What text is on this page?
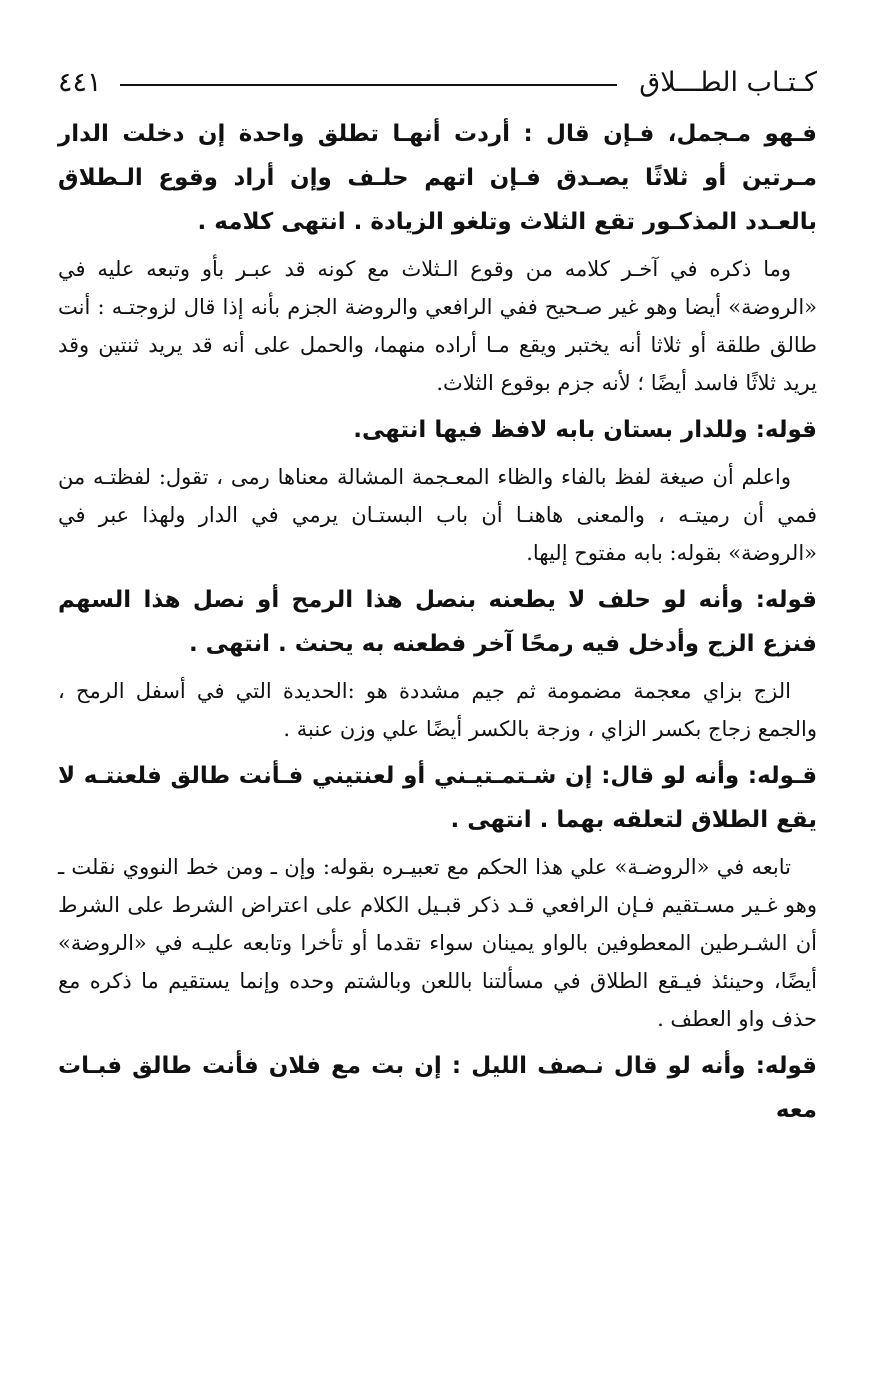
كـتـاب الطـــلاق
٤٤١

فـهو مـجمل، فـإن قال : أردت أنهـا تطلق واحدة إن دخلت الدار مـرتين أو ثلاثًا يصـدق فـإن اتهم حلـف وإن أراد وقوع الـطلاق بالعـدد المذكـور تقع الثلاث وتلغو الزيادة . انتهى كلامه .

وما ذكره في آخـر كلامه من وقوع الـثلاث مع كونه قد عبـر بأو وتبعه عليه في «الروضة» أيضا وهو غير صـحيح ففي الرافعي والروضة الجزم بأنه إذا قال لزوجتـه : أنت طالق طلقة أو ثلاثا أنه يختبر ويقع مـا أراده منهما، والحمل على أنه قد يريد ثنتين وقد يريد ثلاثًا فاسد أيضًا ؛ لأنه جزم بوقوع الثلاث.

قوله: وللدار بستان بابه لافظ فيها انتهى.

واعلم أن صيغة لفظ بالفاء والظاء المعـجمة المشالة معناها رمى ، تقول: لفظتـه من فمي أن رميتـه ، والمعنى هاهنـا أن باب البستـان يرمي في الدار ولهذا عبر في «الروضة» بقوله: بابه مفتوح إليها.

قوله: وأنه لو حلف لا يطعنه بنصل هذا الرمح أو نصل هذا السهم فنزع الزج وأدخل فيه رمحًا آخر فطعنه به يحنث . انتهى .

الزج بزاي معجمة مضمومة ثم جيم مشددة هو :الحديدة التي في أسفل الرمح ، والجمع زجاج بكسر الزاي ، وزجة بالكسر أيضًا علي وزن عنبة .

قـوله: وأنه لو قال: إن شـتمـتيـني أو لعنتيني فـأنت طالق فلعنتـه لا يقع الطلاق لتعلقه بهما . انتهى .

تابعه في «الروضـة» علي هذا الحكم مع تعبيـره بقوله: وإن ـ ومن خط النووي نقلت ـ وهو غـير مسـتقيم فـإن الرافعي قـد ذكر قبـيل الكلام على اعتراض الشرط على الشرط أن الشـرطين المعطوفين بالواو يمينان سواء تقدما أو تأخرا وتابعه عليـه في «الروضة» أيضًا، وحينئذ فيـقع الطلاق في مسألتنا باللعن وبالشتم وحده وإنما يستقيم ما ذكره مع حذف واو العطف .

قوله: وأنه لو قال نـصف الليل : إن بت مع فلان فأنت طالق فبـات معه
